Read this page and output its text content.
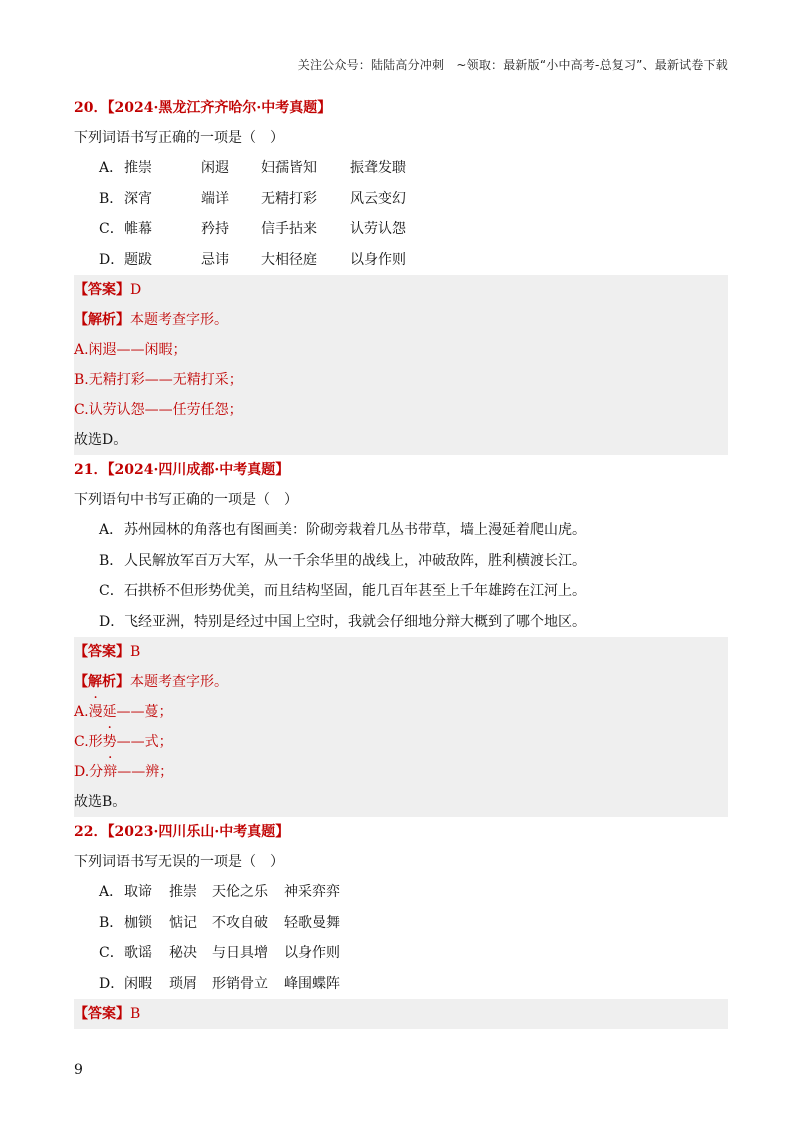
关注公众号：陆陆高分冲刺　~领取：最新版“小中高考-总复习”、最新试卷下载
20．【2024·黑龙江齐齐哈尔·中考真题】
下列词语书写正确的一项是（　）
A．推崇	闲遐 妇孺皆知 振聋发聩
B．深宵	端详 无精打彩 风云变幻
C．帷幕	矜持 信手拈来 认劳认怨
D．题跋	忌讳 大相径庭 以身作则
【答案】D
【解析】本题考查字形。
A.闲遐——闲暇；
B.无精打彩——无精打采；
C.认劳认怨——任劳任怨；
故选D。
21．【2024·四川成都·中考真题】
下列语句中书写正确的一项是（　）
A．苏州园林的角落也有图画美：阶砌旁栽着几丛书带草，墙上漫延着爬山虎。
B．人民解放军百万大军，从一千余华里的战线上，冲破敌阵，胜利横渡长江。
C．石拱桥不但形势优美，而且结构坚固，能几百年甚至上千年雄跨在江河上。
D．飞经亚洲，特别是经过中国上空时，我就会仔细地分辩大概到了哪个地区。
【答案】B
【解析】本题考查字形。
A.漫延——蔓；
C.形势——式；
D.分辩——辨；
故选B。
22．【2023·四川乐山·中考真题】
下列词语书写无误的一项是（　）
A．取谛 推崇 天伦之乐 神采弈弈
B．枷锁 惦记 不攻自破 轻歌曼舞
C．歌谣 秘决 与日具增 以身作则
D．闲暇 琐屑 形销骨立 峰围蝶阵
【答案】B
9
